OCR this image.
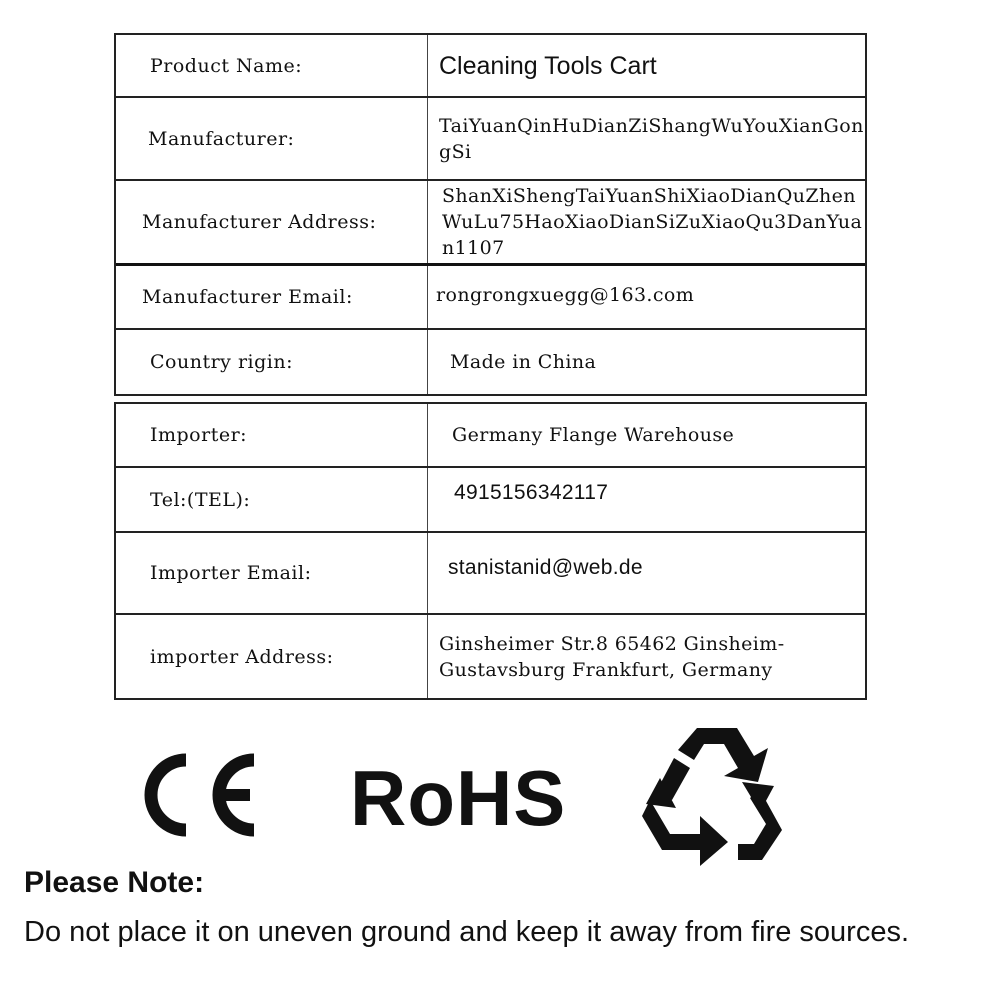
Product Name:	Cleaning Tools Cart
Manufacturer:
TaiYuanQinHuDianZiShangWuYouXianGongSi
Manufacturer Address:
ShanXiShengTaiYuanShiXiaoDianQuZhenWuLu75HaoXiaoDianSiZuXiaoQu3DanYuan1107
Manufacturer Email:	rongrongxuegg@163.com
Country rigin:	Made in China
Importer:	Germany Flange Warehouse
Tel:(TEL):	4915156342117
Importer Email:	stanistanid@web.de
importer Address:
Ginsheimer Str.8 65462 Ginsheim-Gustavsburg Frankfurt, Germany
RoHS
Please Note:
Do not place it on uneven ground and keep it away from fire sources.
